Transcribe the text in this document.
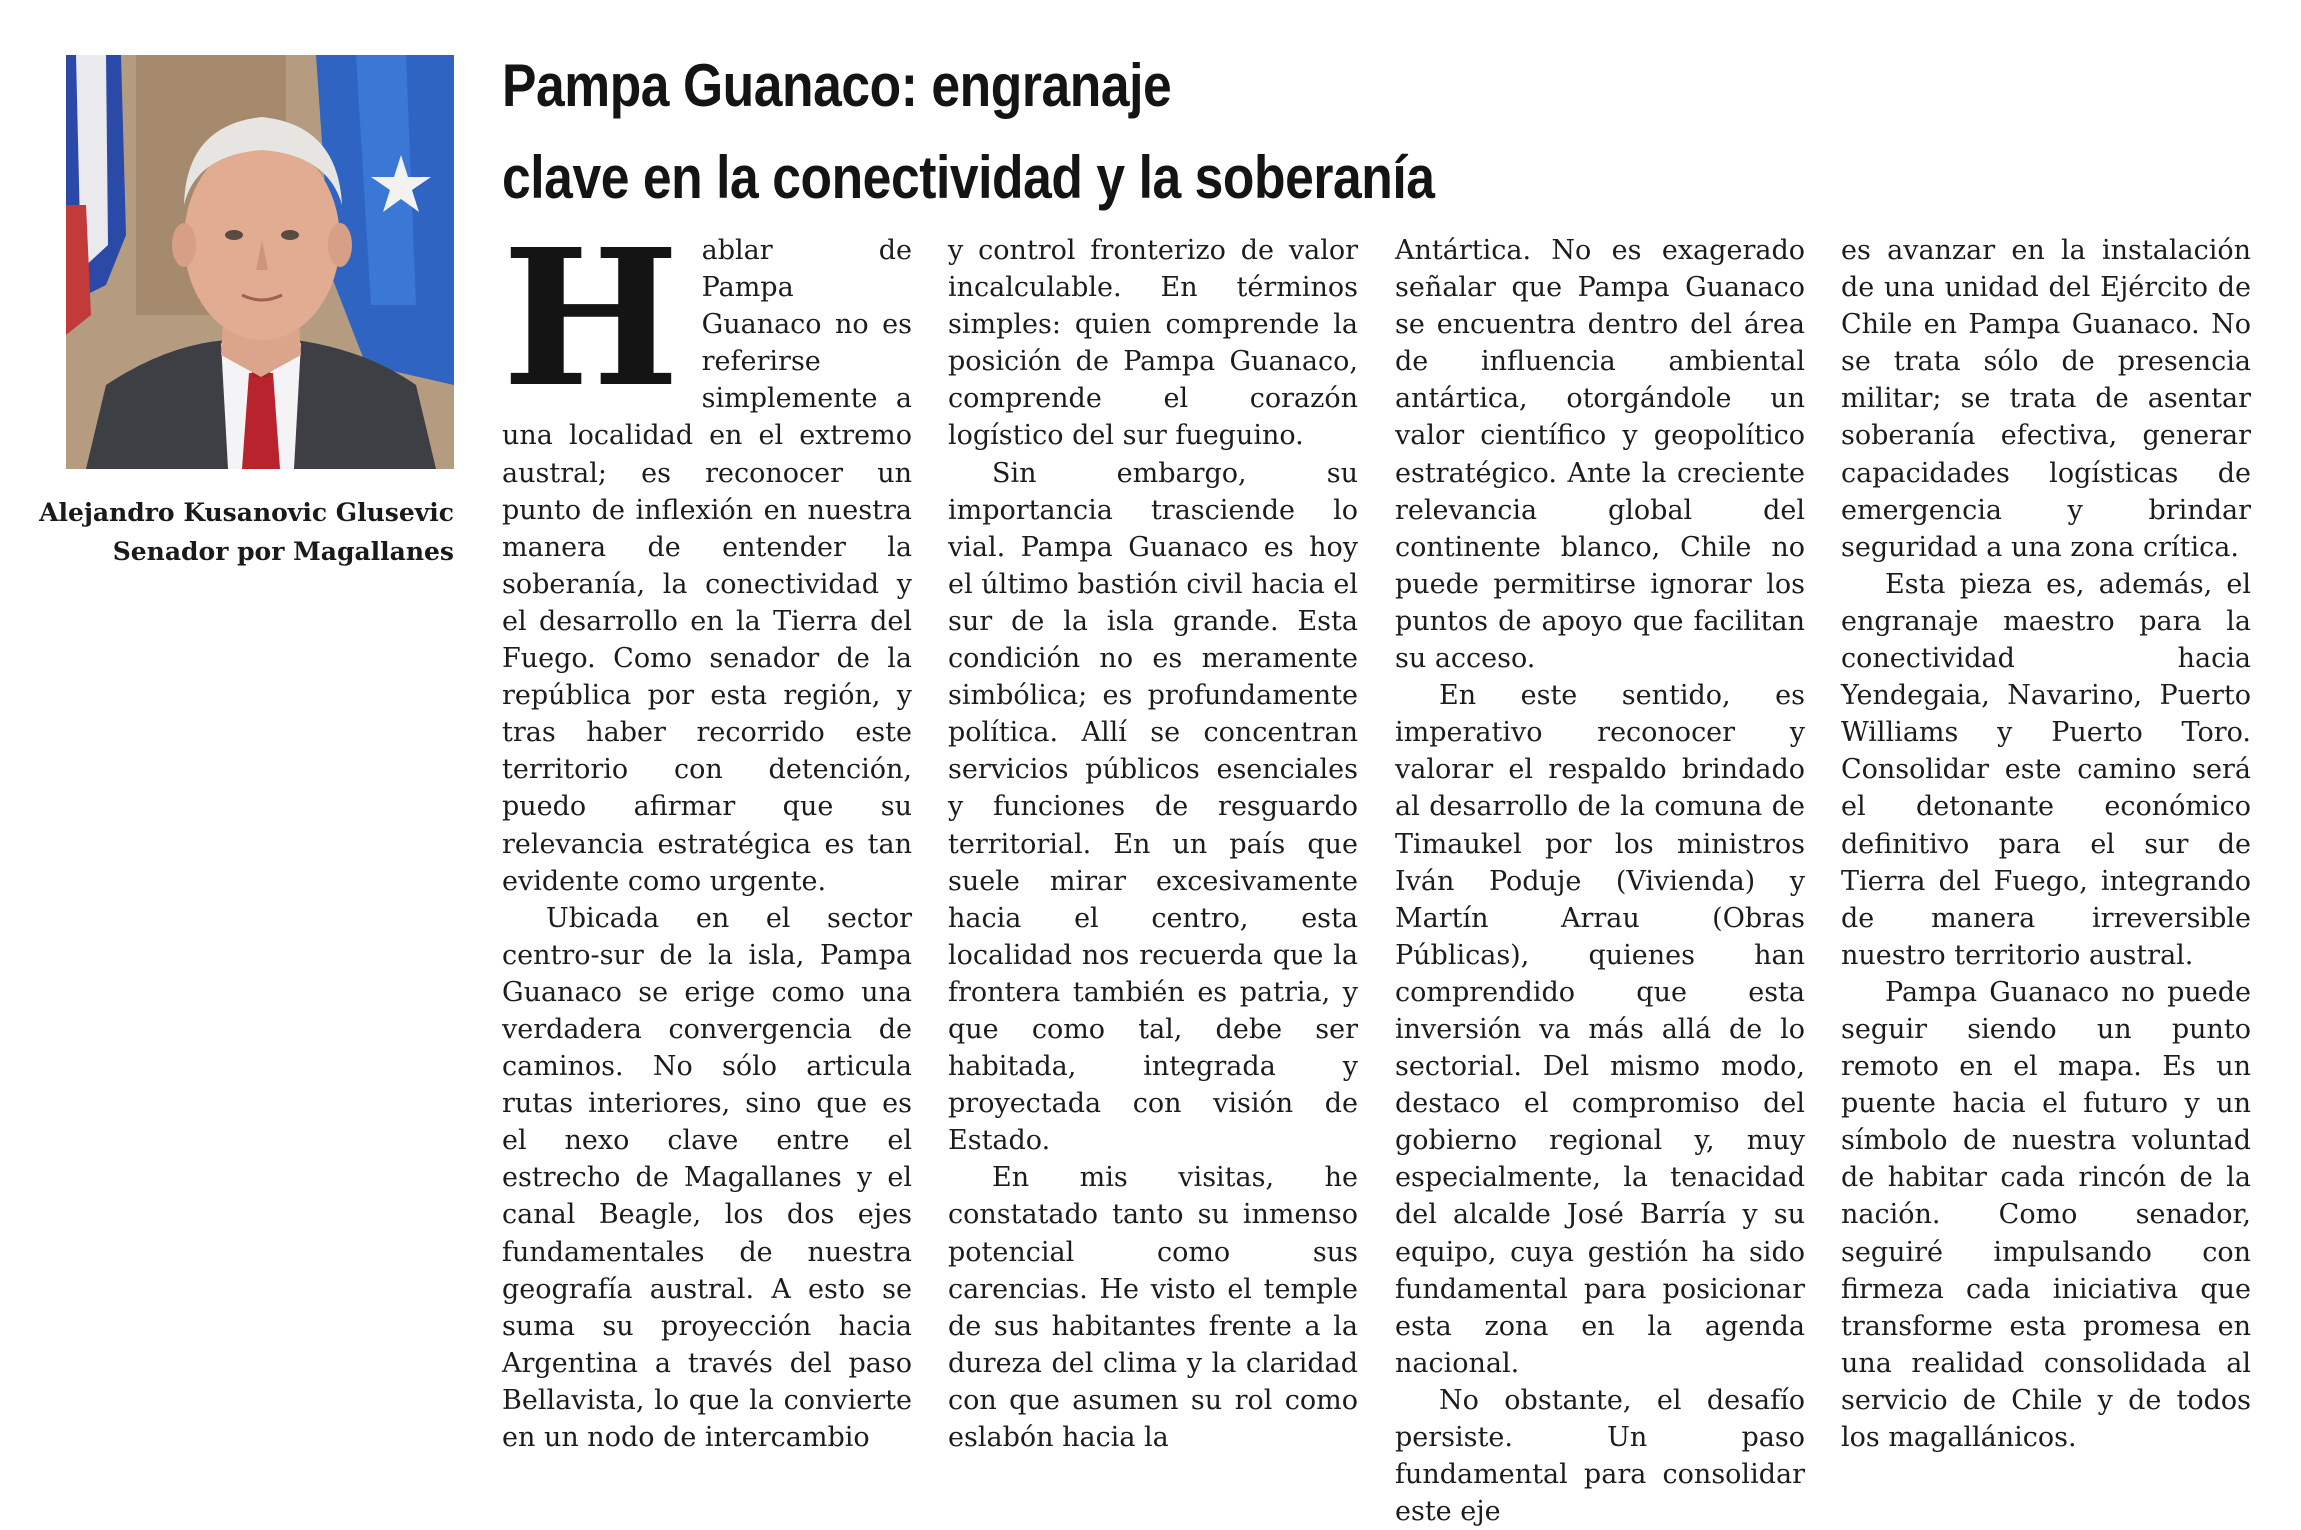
Alejandro Kusanovic Glusevic
Senador por Magallanes
Pampa Guanaco: engranaje
clave en la conectividad y la soberanía
H ablar de Pampa Guanaco no es referirse simplemente a una localidad en el extremo austral; es reconocer un punto de inflexión en nuestra manera de entender la soberanía, la conectividad y el desarrollo en la Tierra del Fuego. Como senador de la república por esta región, y tras haber recorrido este territorio con detención, puedo afirmar que su relevancia estratégica es tan evidente como urgente.

Ubicada en el sector centro-sur de la isla, Pampa Guanaco se erige como una verdadera convergencia de caminos. No sólo articula rutas interiores, sino que es el nexo clave entre el estrecho de Magallanes y el canal Beagle, los dos ejes fundamentales de nuestra geografía austral. A esto se suma su proyección hacia Argentina a través del paso Bellavista, lo que la convierte en un nodo de intercambio

y control fronterizo de valor incalculable. En términos simples: quien comprende la posición de Pampa Guanaco, comprende el corazón logístico del sur fueguino.

Sin embargo, su importancia trasciende lo vial. Pampa Guanaco es hoy el último bastión civil hacia el sur de la isla grande. Esta condición no es meramente simbólica; es profundamente política. Allí se concentran servicios públicos esenciales y funciones de resguardo territorial. En un país que suele mirar excesivamente hacia el centro, esta localidad nos recuerda que la frontera también es patria, y que como tal, debe ser habitada, integrada y proyectada con visión de Estado.

En mis visitas, he constatado tanto su inmenso potencial como sus carencias. He visto el temple de sus habitantes frente a la dureza del clima y la claridad con que asumen su rol como eslabón hacia la

Antártica. No es exagerado señalar que Pampa Guanaco se encuentra dentro del área de influencia ambiental antártica, otorgándole un valor científico y geopolítico estratégico. Ante la creciente relevancia global del continente blanco, Chile no puede permitirse ignorar los puntos de apoyo que facilitan su acceso.

En este sentido, es imperativo reconocer y valorar el respaldo brindado al desarrollo de la comuna de Timaukel por los ministros Iván Poduje (Vivienda) y Martín Arrau (Obras Públicas), quienes han comprendido que esta inversión va más allá de lo sectorial. Del mismo modo, destaco el compromiso del gobierno regional y, muy especialmente, la tenacidad del alcalde José Barría y su equipo, cuya gestión ha sido fundamental para posicionar esta zona en la agenda nacional.

No obstante, el desafío persiste. Un paso fundamental para consolidar este eje

es avanzar en la instalación de una unidad del Ejército de Chile en Pampa Guanaco. No se trata sólo de presencia militar; se trata de asentar soberanía efectiva, generar capacidades logísticas de emergencia y brindar seguridad a una zona crítica.

Esta pieza es, además, el engranaje maestro para la conectividad hacia Yendegaia, Navarino, Puerto Williams y Puerto Toro. Consolidar este camino será el detonante económico definitivo para el sur de Tierra del Fuego, integrando de manera irreversible nuestro territorio austral.

Pampa Guanaco no puede seguir siendo un punto remoto en el mapa. Es un puente hacia el futuro y un símbolo de nuestra voluntad de habitar cada rincón de la nación. Como senador, seguiré impulsando con firmeza cada iniciativa que transforme esta promesa en una realidad consolidada al servicio de Chile y de todos los magallánicos.
